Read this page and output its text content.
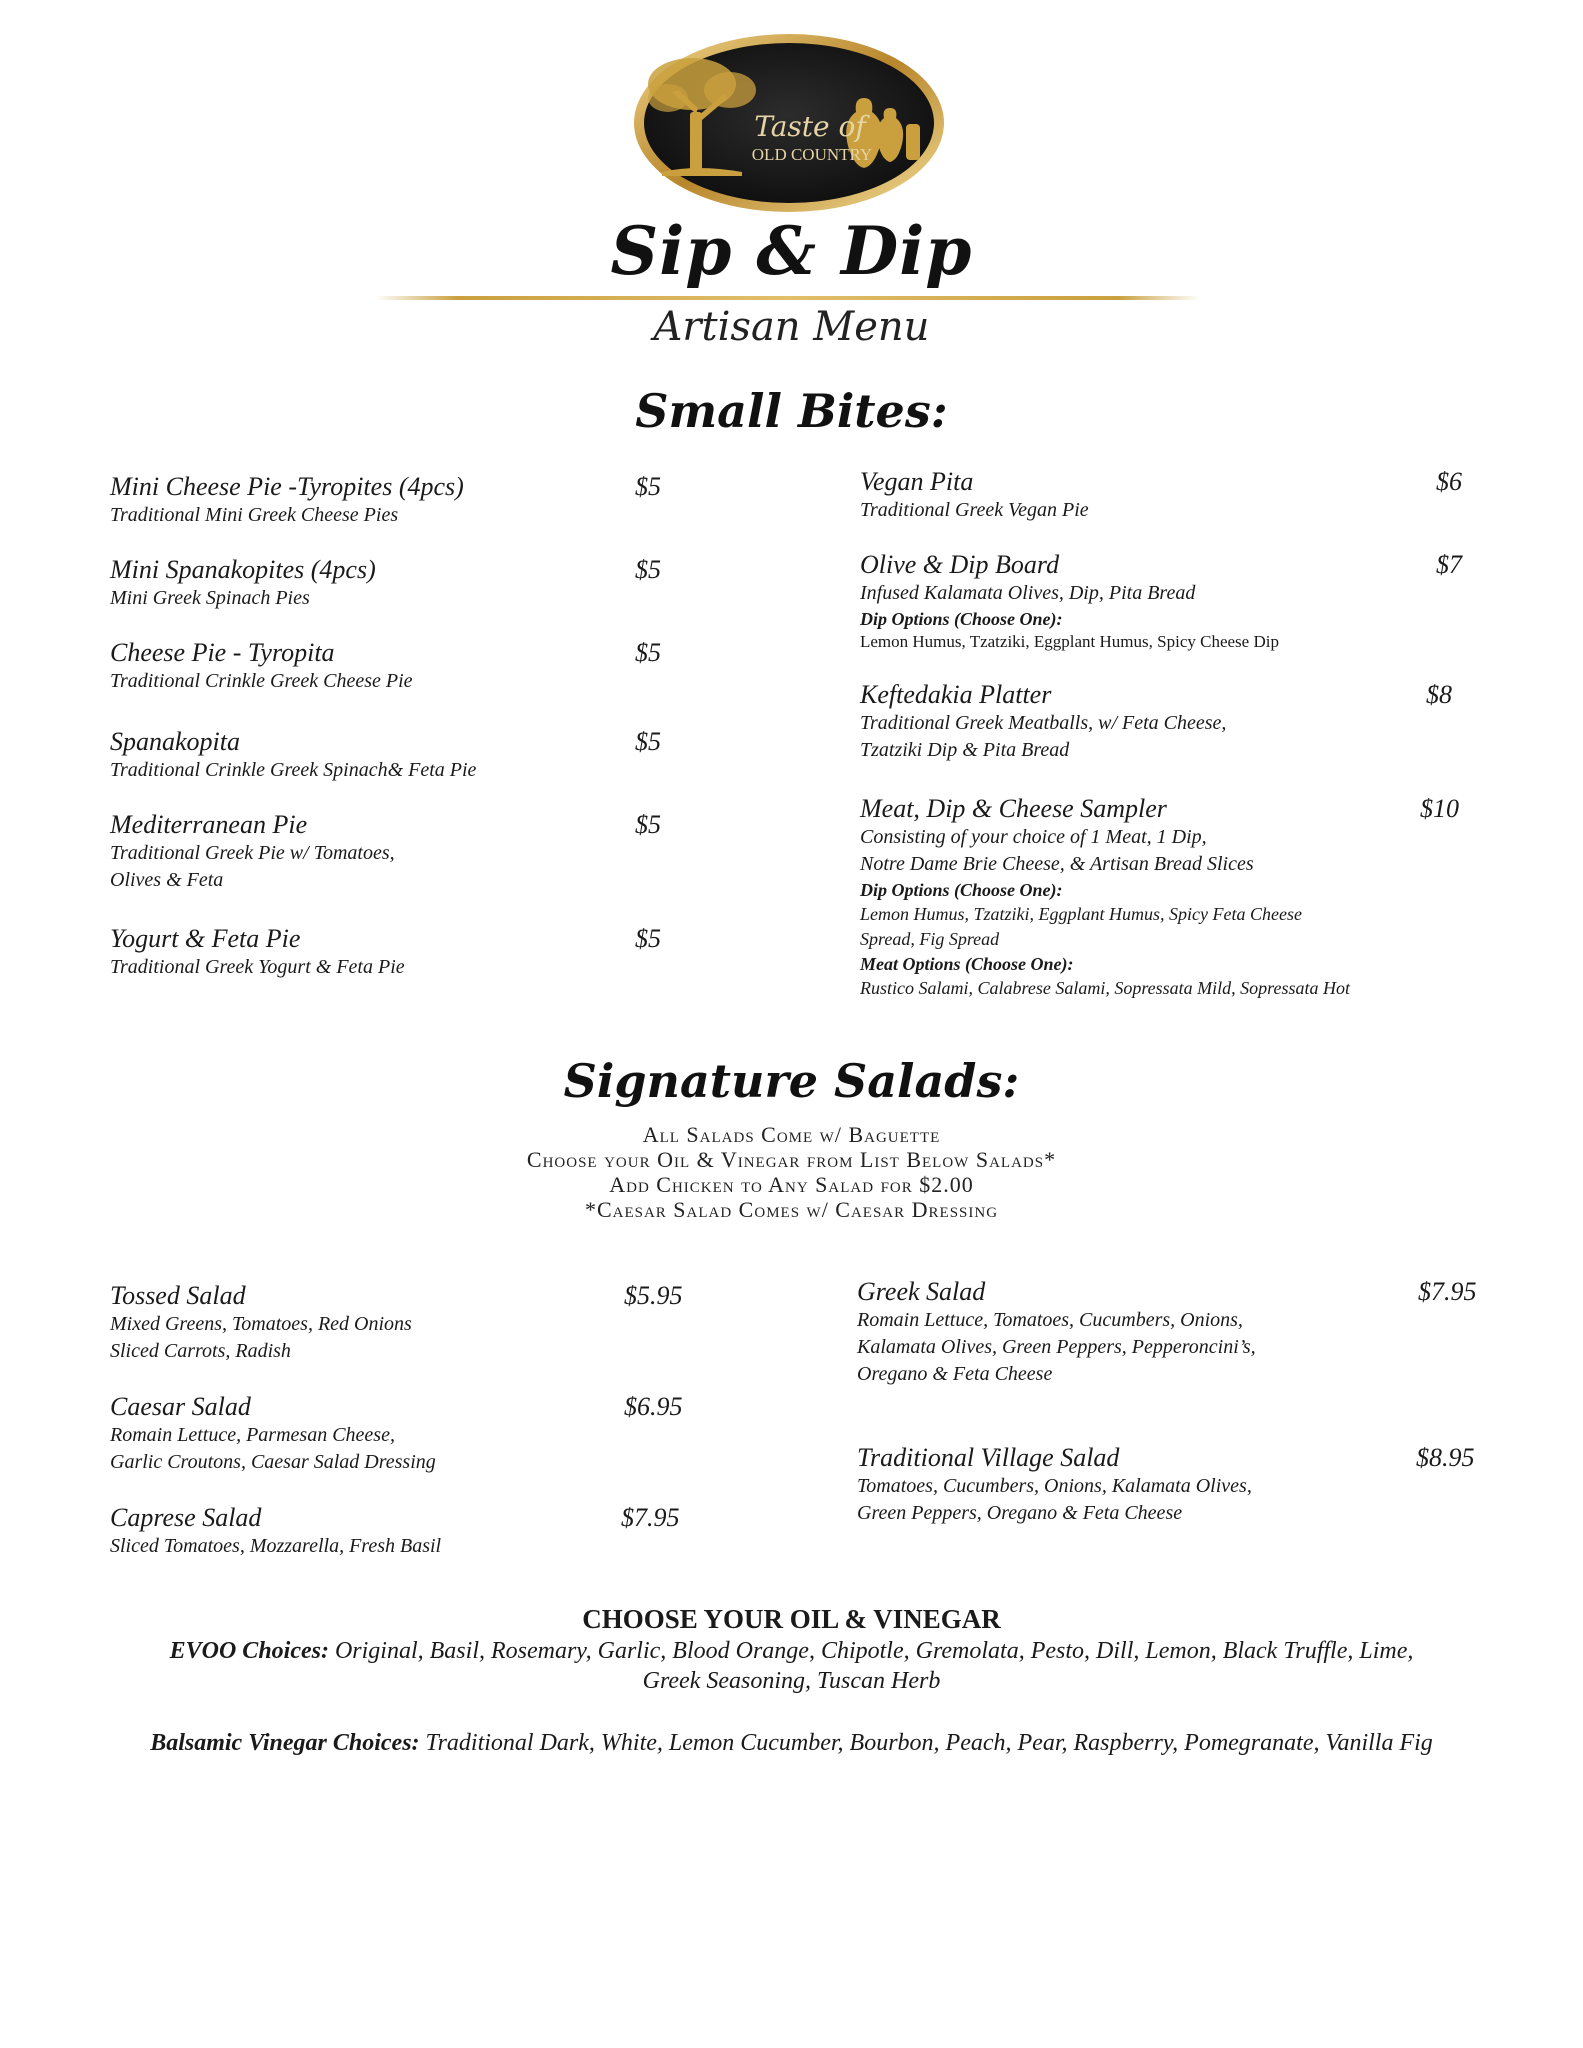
Taste of
OLD COUNTRY
Sip & Dip
Artisan Menu
Small Bites:
Mini Cheese Pie -Tyropites (4pcs)
Traditional Mini Greek Cheese Pies
$5
Mini Spanakopites (4pcs)
Mini Greek Spinach Pies
$5
Cheese Pie - Tyropita
Traditional Crinkle Greek Cheese Pie
$5
Spanakopita
Traditional Crinkle Greek Spinach& Feta Pie
$5
Mediterranean Pie
Traditional Greek Pie w/ Tomatoes,
Olives & Feta
$5
Yogurt & Feta Pie
Traditional Greek Yogurt & Feta Pie
$5
Vegan Pita
Traditional Greek Vegan Pie
$6
Olive & Dip Board
Infused Kalamata Olives, Dip, Pita Bread
Dip Options (Choose One):
Lemon Humus, Tzatziki, Eggplant Humus, Spicy Cheese Dip
$7
Keftedakia Platter
Traditional Greek Meatballs, w/ Feta Cheese,
Tzatziki Dip & Pita Bread
$8
Meat, Dip & Cheese Sampler
Consisting of your choice of 1 Meat, 1 Dip,
Notre Dame Brie Cheese, & Artisan Bread Slices
Dip Options (Choose One):
Lemon Humus, Tzatziki, Eggplant Humus, Spicy Feta Cheese
Spread, Fig Spread
Meat Options (Choose One):
Rustico Salami, Calabrese Salami, Sopressata Mild, Sopressata Hot
$10
Signature Salads:
All Salads Come w/ Baguette
Choose your Oil & Vinegar from List Below Salads*
Add Chicken to Any Salad for $2.00
*Caesar Salad Comes w/ Caesar Dressing
Tossed Salad
Mixed Greens, Tomatoes, Red Onions
Sliced Carrots, Radish
$5.95
Caesar Salad
Romain Lettuce, Parmesan Cheese,
Garlic Croutons, Caesar Salad Dressing
$6.95
Caprese Salad
Sliced Tomatoes, Mozzarella, Fresh Basil
$7.95
Greek Salad
Romain Lettuce, Tomatoes, Cucumbers, Onions,
Kalamata Olives, Green Peppers, Pepperoncini’s,
Oregano & Feta Cheese
$7.95
Traditional Village Salad
Tomatoes, Cucumbers, Onions, Kalamata Olives,
Green Peppers, Oregano & Feta Cheese
$8.95
CHOOSE YOUR OIL & VINEGAR
EVOO Choices: Original, Basil, Rosemary, Garlic, Blood Orange, Chipotle, Gremolata, Pesto, Dill, Lemon, Black Truffle, Lime,
Greek Seasoning, Tuscan Herb
Balsamic Vinegar Choices: Traditional Dark, White, Lemon Cucumber, Bourbon, Peach, Pear, Raspberry, Pomegranate, Vanilla Fig
